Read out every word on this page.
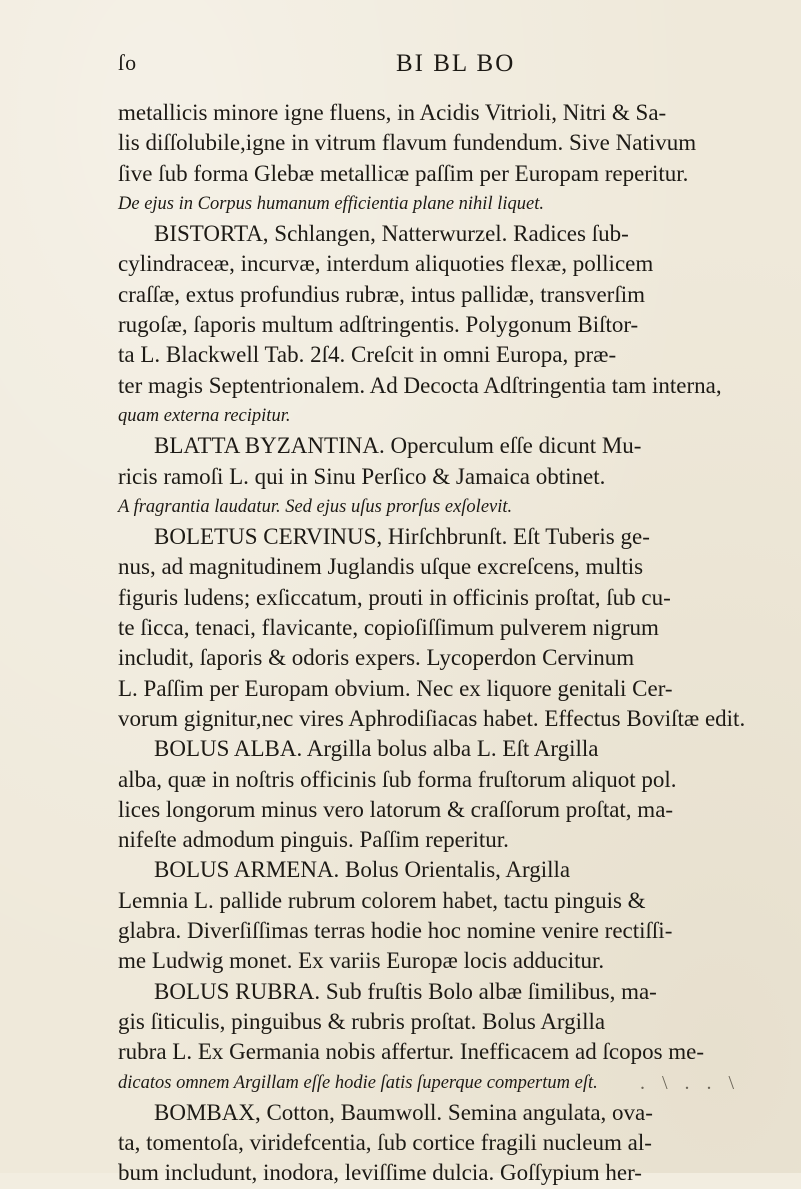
ſo	BI BL BO
metallicis minore igne fluens, in Acidis Vitrioli, Nitri & Sa-
lis diſſolubile,igne in vitrum flavum fundendum. Sive Nativum
ſive ſub forma Glebæ metallicæ paſſim per Europam reperitur.
De ejus in Corpus humanum efficientia plane nihil liquet.
BISTORTA, Schlangen, Natterwurzel. Radices ſub-
cylindraceæ, incurvæ, interdum aliquoties flexæ, pollicem
craſſæ, extus profundius rubræ, intus pallidæ, transverſim
rugoſæ, ſaporis multum adſtringentis. Polygonum Biſtor-
ta L. Blackwell Tab. 2ſ4. Creſcit in omni Europa, præ-
ter magis Septentrionalem. Ad Decocta Adſtringentia tam interna,
quam externa recipitur.
BLATTA BYZANTINA. Operculum eſſe dicunt Mu-
ricis ramoſi L. qui in Sinu Perſico & Jamaica obtinet.
A fragrantia laudatur. Sed ejus uſus prorſus exſolevit.
BOLETUS CERVINUS, Hirſchbrunſt. Eſt Tuberis ge-
nus, ad magnitudinem Juglandis uſque excreſcens, multis
figuris ludens; exſiccatum, prouti in officinis proſtat, ſub cu-
te ſicca, tenaci, flavicante, copioſiſſimum pulverem nigrum
includit, ſaporis & odoris expers. Lycoperdon Cervinum
L. Paſſim per Europam obvium. Nec ex liquore genitali Cer-
vorum gignitur,nec vires Aphrodiſiacas habet. Effectus Boviſtæ edit.
BOLUS ALBA. Argilla bolus alba L. Eſt Argilla
alba, quæ in noſtris officinis ſub forma fruſtorum aliquot pol.
lices longorum minus vero latorum & craſſorum proſtat, ma-
nifeſte admodum pinguis. Paſſim reperitur.
BOLUS ARMENA. Bolus Orientalis, Argilla
Lemnia L. pallide rubrum colorem habet, tactu pinguis &
glabra. Diverſiſſimas terras hodie hoc nomine venire rectiſſi-
me Ludwig monet. Ex variis Europæ locis adducitur.
BOLUS RUBRA. Sub fruſtis Bolo albæ ſimilibus, ma-
gis ſiticulis, pinguibus & rubris proſtat. Bolus Argilla
rubra L. Ex Germania nobis affertur. Inefficacem ad ſcopos me-
dicatos omnem Argillam eſſe hodie ſatis ſuperque compertum eſt.
BOMBAX, Cotton, Baumwoll. Semina angulata, ova-
ta, tomentoſa, viridefcentia, ſub cortice fragili nucleum al-
bum includunt, inodora, leviſſime dulcia. Goſſypium her-
. \ . . \
